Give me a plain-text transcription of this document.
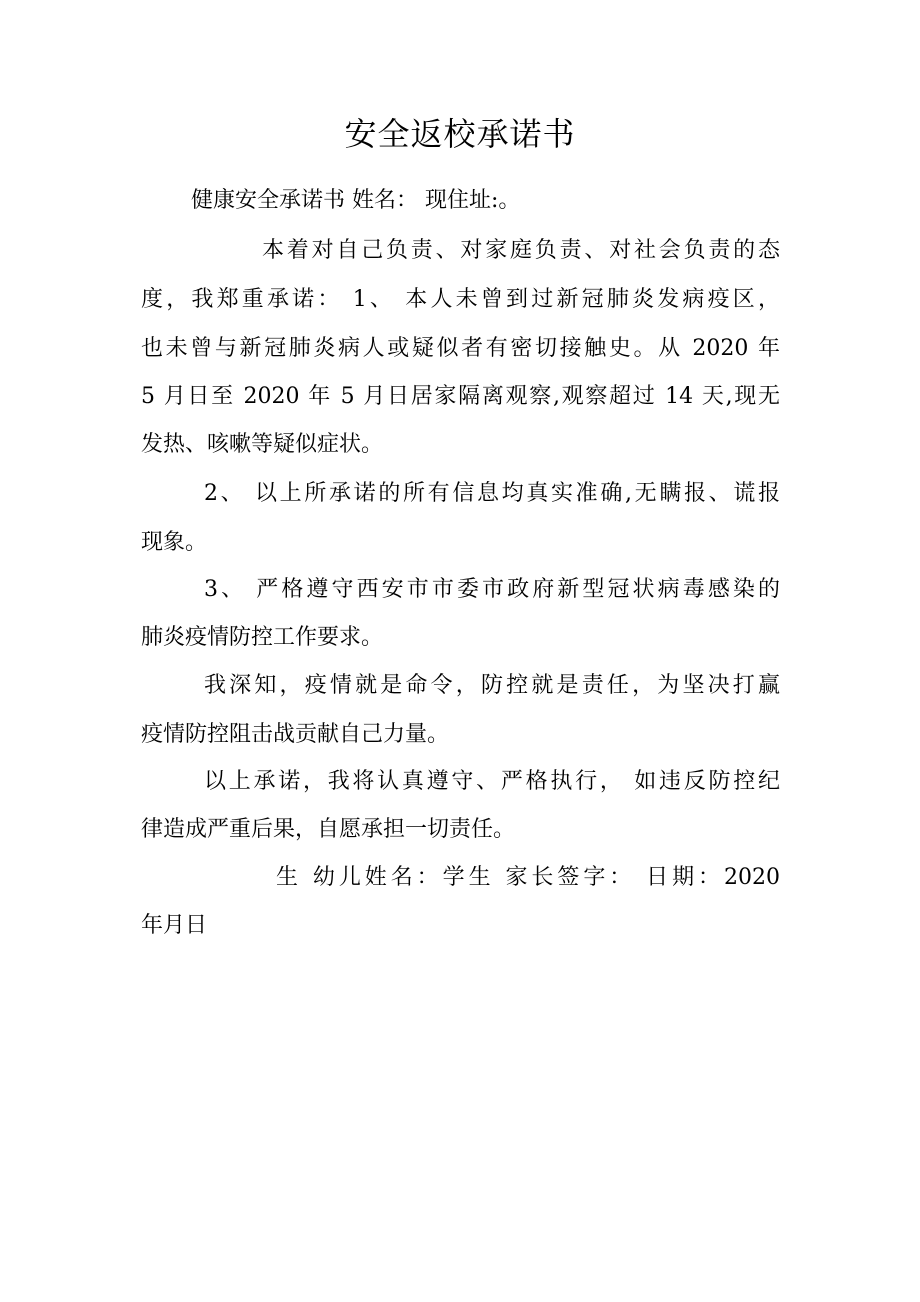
安全返校承诺书
健康安全承诺书 姓名： 现住址:。
本着对自己负责、对家庭负责、对社会负责的态
度，我郑重承诺： 1、 本人未曾到过新冠肺炎发病疫区，
也未曾与新冠肺炎病人或疑似者有密切接触史。从 2020 年
5 月日至 2020 年 5 月日居家隔离观察,观察超过 14 天,现无
发热、咳嗽等疑似症状。
2、 以上所承诺的所有信息均真实准确,无瞒报、谎报
现象。
3、 严格遵守西安市市委市政府新型冠状病毒感染的
肺炎疫情防控工作要求。
我深知，疫情就是命令，防控就是责任，为坚决打赢
疫情防控阻击战贡献自己力量。
以上承诺，我将认真遵守、严格执行， 如违反防控纪
律造成严重后果，自愿承担一切责任。
生 幼儿姓名：学生 家长签字： 日期：2020
年月日
